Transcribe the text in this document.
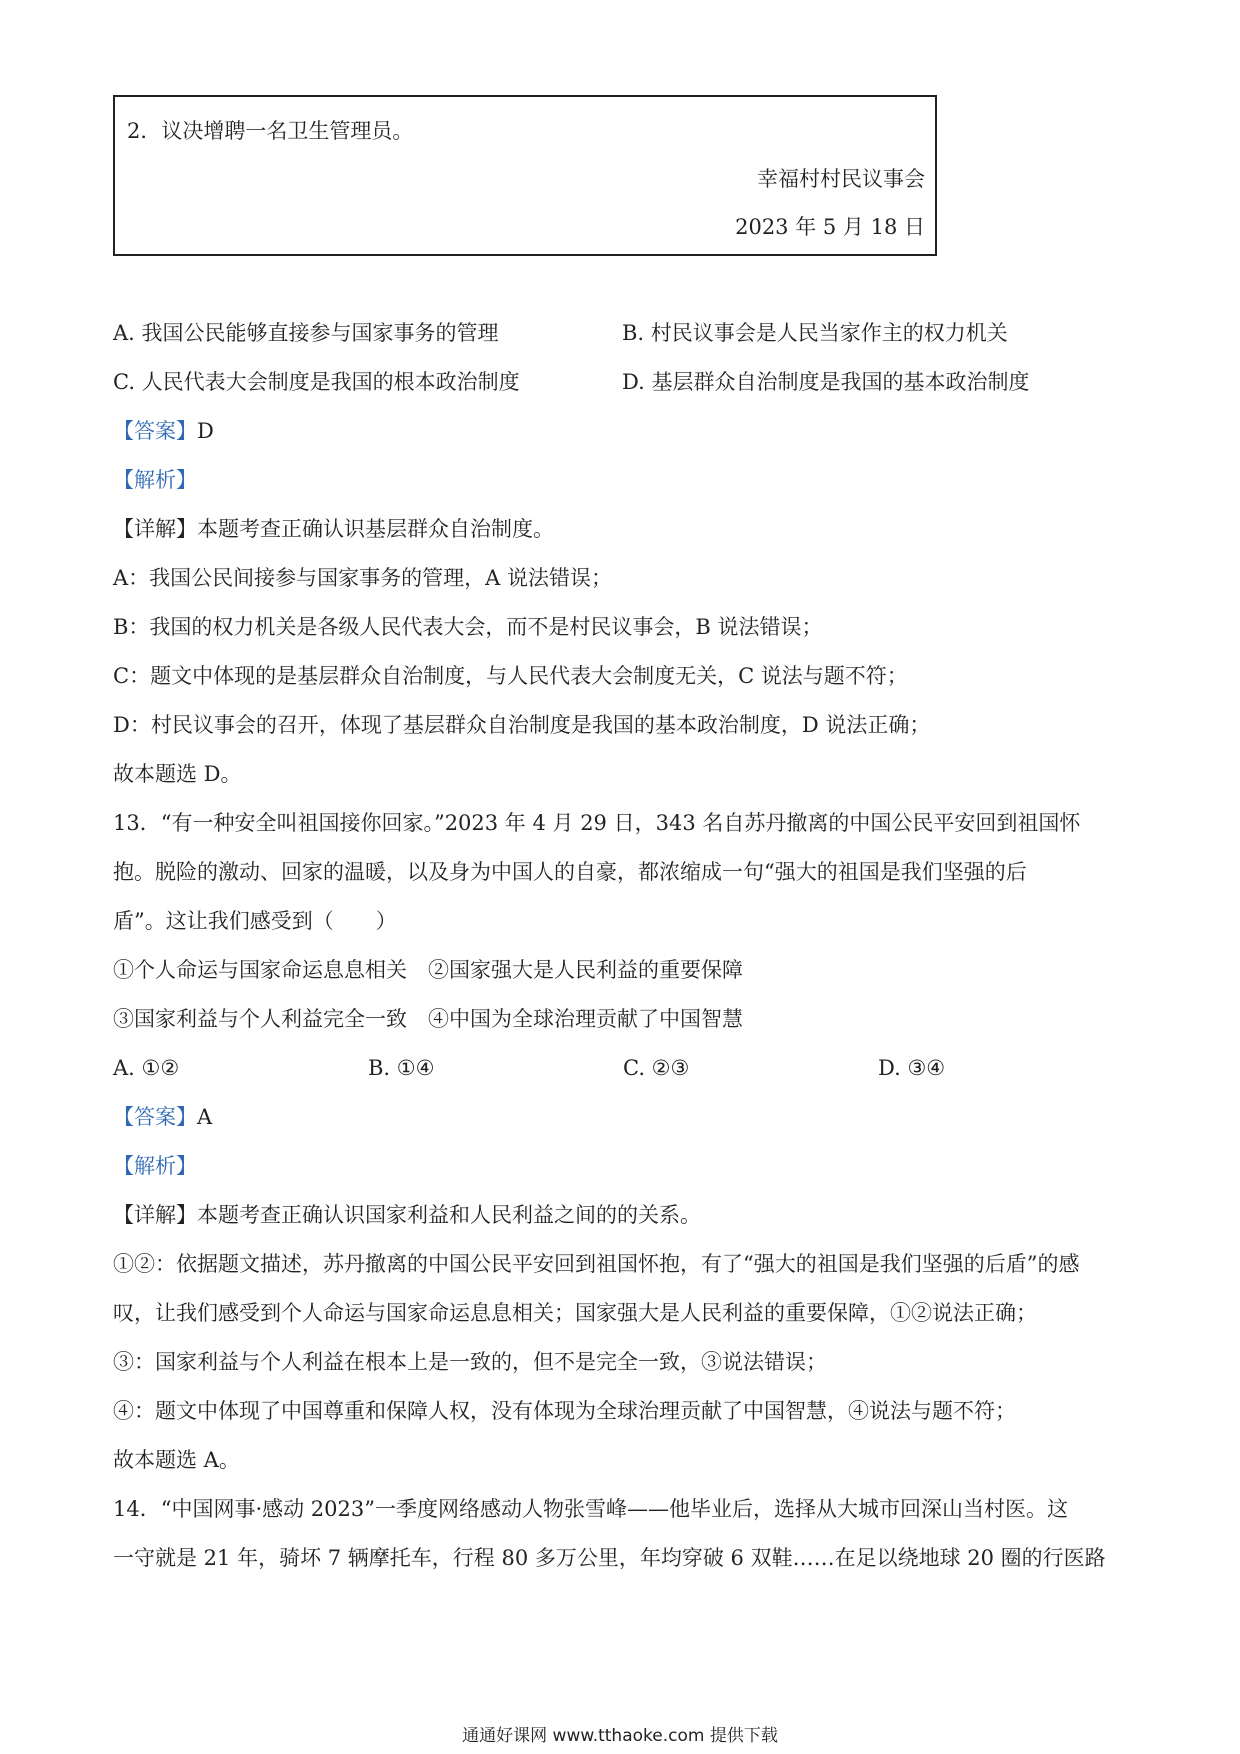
2．议决增聘一名卫生管理员。
幸福村村民议事会
2023 年 5 月 18 日
A. 我国公民能够直接参与国家事务的管理	B. 村民议事会是人民当家作主的权力机关
C. 人民代表大会制度是我国的根本政治制度	D. 基层群众自治制度是我国的基本政治制度
【答案】D
【解析】
【详解】本题考查正确认识基层群众自治制度。
A：我国公民间接参与国家事务的管理，A 说法错误；
B：我国的权力机关是各级人民代表大会，而不是村民议事会，B 说法错误；
C：题文中体现的是基层群众自治制度，与人民代表大会制度无关，C 说法与题不符；
D：村民议事会的召开，体现了基层群众自治制度是我国的基本政治制度，D 说法正确；
故本题选 D。
13．“有一种安全叫祖国接你回家。”2023 年 4 月 29 日，343 名自苏丹撤离的中国公民平安回到祖国怀
抱。脱险的激动、回家的温暖，以及身为中国人的自豪，都浓缩成一句“强大的祖国是我们坚强的后
盾”。这让我们感受到（　　）
①个人命运与国家命运息息相关　②国家强大是人民利益的重要保障
③国家利益与个人利益完全一致　④中国为全球治理贡献了中国智慧
A. ①②	B. ①④	C. ②③	D. ③④
【答案】A
【解析】
【详解】本题考查正确认识国家利益和人民利益之间的的关系。
①②：依据题文描述，苏丹撤离的中国公民平安回到祖国怀抱，有了“强大的祖国是我们坚强的后盾”的感
叹，让我们感受到个人命运与国家命运息息相关；国家强大是人民利益的重要保障，①②说法正确；
③：国家利益与个人利益在根本上是一致的，但不是完全一致，③说法错误；
④：题文中体现了中国尊重和保障人权，没有体现为全球治理贡献了中国智慧，④说法与题不符；
故本题选 A。
14．“中国网事·感动 2023”一季度网络感动人物张雪峰——他毕业后，选择从大城市回深山当村医。这
一守就是 21 年，骑坏 7 辆摩托车，行程 80 多万公里，年均穿破 6 双鞋……在足以绕地球 20 圈的行医路
通通好课网 www.tthaoke.com 提供下载
